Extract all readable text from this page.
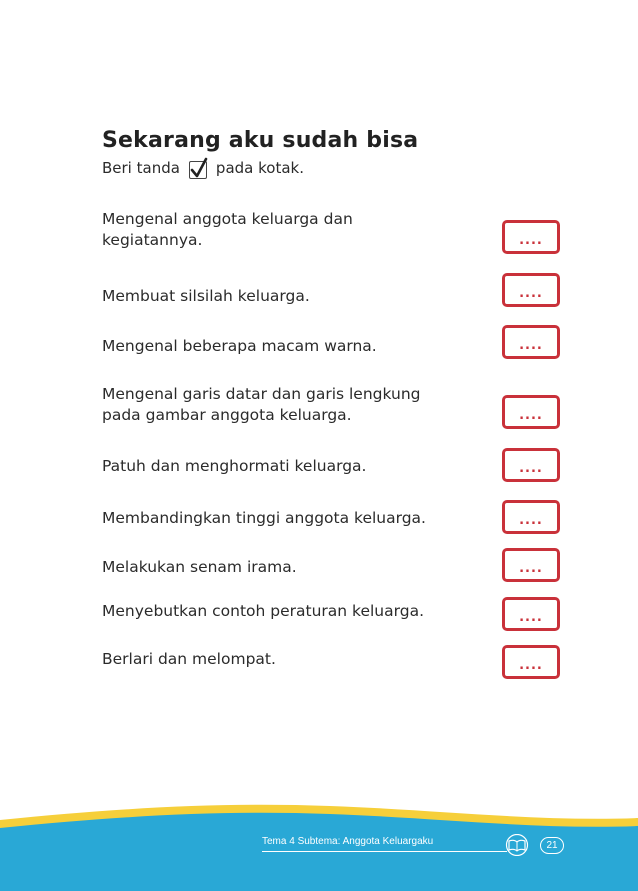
Sekarang aku sudah bisa
Beri tanda pada kotak.
Mengenal anggota keluarga dan
kegiatannya.	....
Membuat silsilah keluarga.	....
Mengenal beberapa macam warna.	....
Mengenal garis datar dan garis lengkung
pada gambar anggota keluarga.	....
Patuh dan menghormati keluarga.	....
Membandingkan tinggi anggota keluarga.	....
Melakukan senam irama.	....
Menyebutkan contoh peraturan keluarga.	....
Berlari dan melompat.	....
Tema 4 Subtema: Anggota Keluargaku	21
